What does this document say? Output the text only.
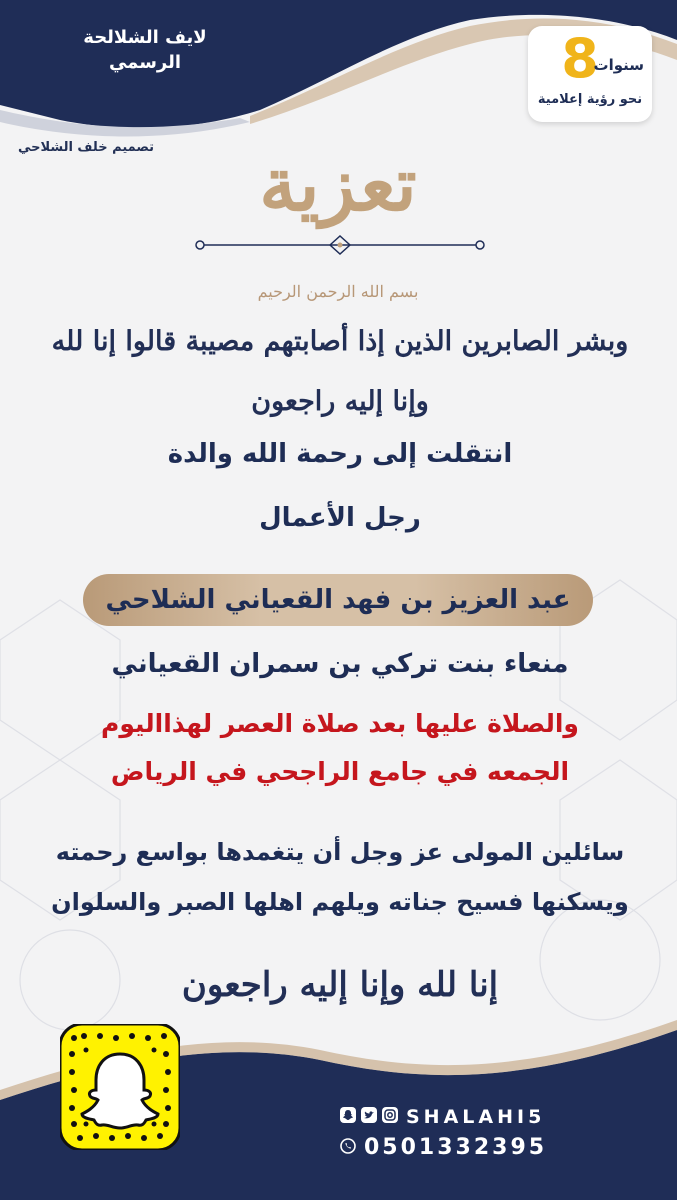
لايف الشلالحة
الرسمي	8
سنوات
نحو رؤية إعلامية
تصميم خلف الشلاحي	تعزية
بسم الله الرحمن الرحيم
وبشر الصابرين الذين إذا أصابتهم مصيبة قالوا إنا لله وإنا إليه راجعون
انتقلت إلى رحمة الله والدة
رجل الأعمال
عبد العزيز بن فهد القعياني الشلاحي
منعاء بنت تركي بن سمران القعياني
والصلاة عليها بعد صلاة العصر لهذااليوم
الجمعه في جامع الراجحي في الرياض
سائلين المولى عز وجل أن يتغمدها بواسع رحمته
ويسكنها فسيح جناته ويلهم اهلها الصبر والسلوان
إنا لله وإنا إليه راجعون

SHALAHI5
0501332395
